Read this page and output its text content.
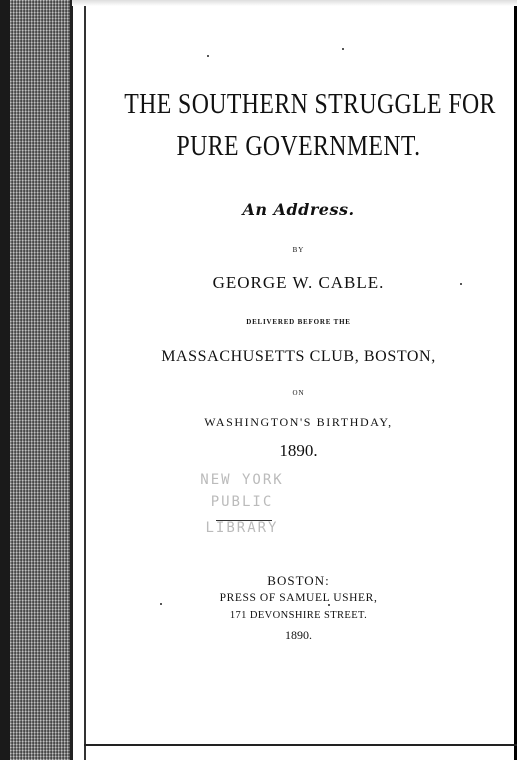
THE SOUTHERN STRUGGLE FOR
PURE GOVERNMENT.
An Address.
BY
GEORGE W. CABLE.
DELIVERED BEFORE THE
MASSACHUSETTS CLUB, BOSTON,
ON
WASHINGTON'S BIRTHDAY,
1890.
NEW YORK
PUBLIC
LIBRARY
BOSTON:
PRESS OF SAMUEL USHER,
171 DEVONSHIRE STREET.
1890.
